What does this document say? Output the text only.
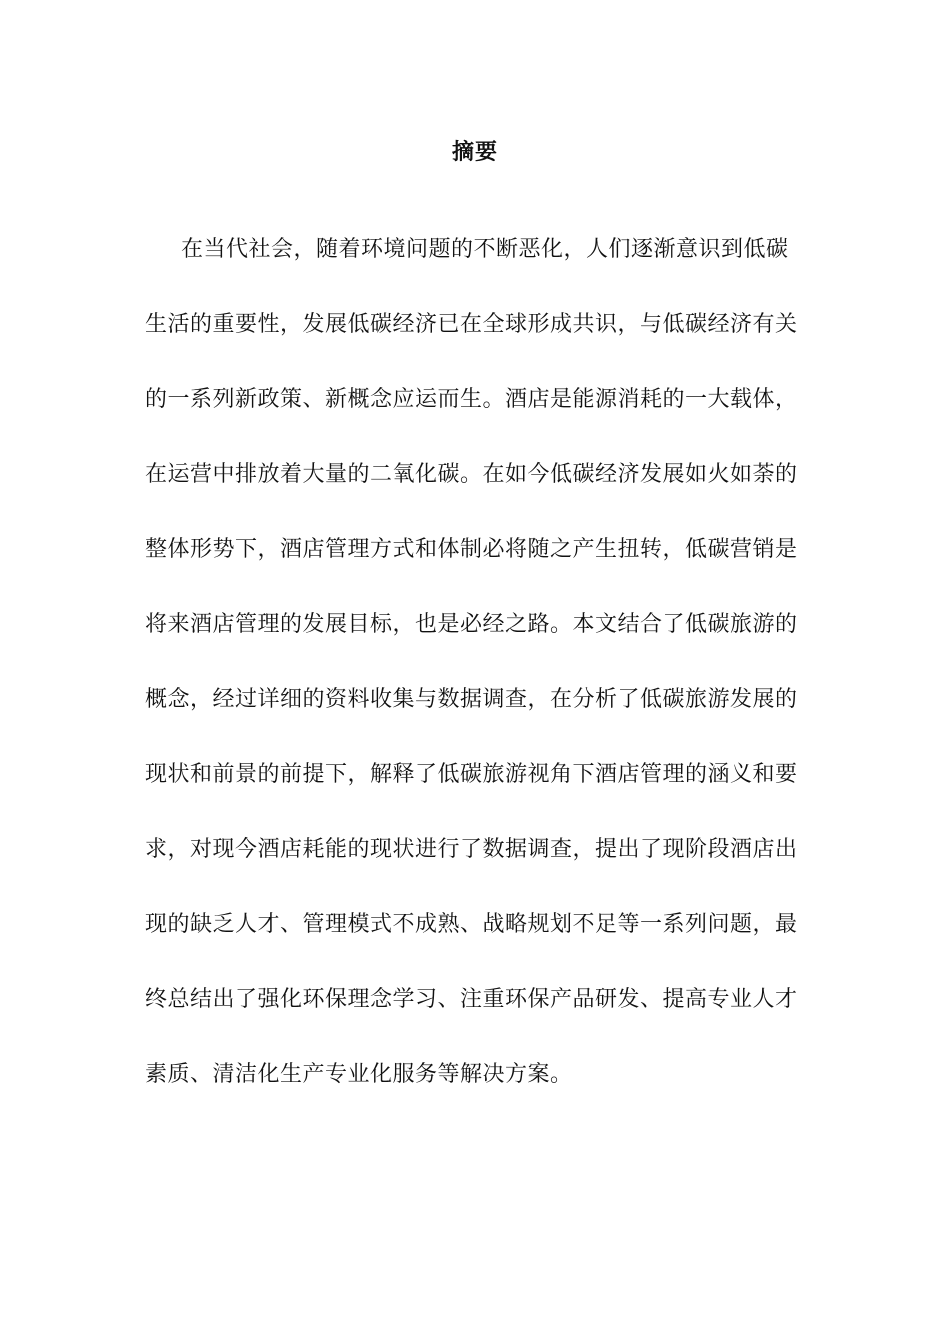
摘要
在当代社会，随着环境问题的不断恶化，人们逐渐意识到低碳
生活的重要性，发展低碳经济已在全球形成共识，与低碳经济有关
的一系列新政策、新概念应运而生。酒店是能源消耗的一大载体，
在运营中排放着大量的二氧化碳。在如今低碳经济发展如火如荼的
整体形势下，酒店管理方式和体制必将随之产生扭转，低碳营销是
将来酒店管理的发展目标，也是必经之路。本文结合了低碳旅游的
概念，经过详细的资料收集与数据调查，在分析了低碳旅游发展的
现状和前景的前提下，解释了低碳旅游视角下酒店管理的涵义和要
求，对现今酒店耗能的现状进行了数据调查，提出了现阶段酒店出
现的缺乏人才、管理模式不成熟、战略规划不足等一系列问题，最
终总结出了强化环保理念学习、注重环保产品研发、提高专业人才
素质、清洁化生产专业化服务等解决方案。
